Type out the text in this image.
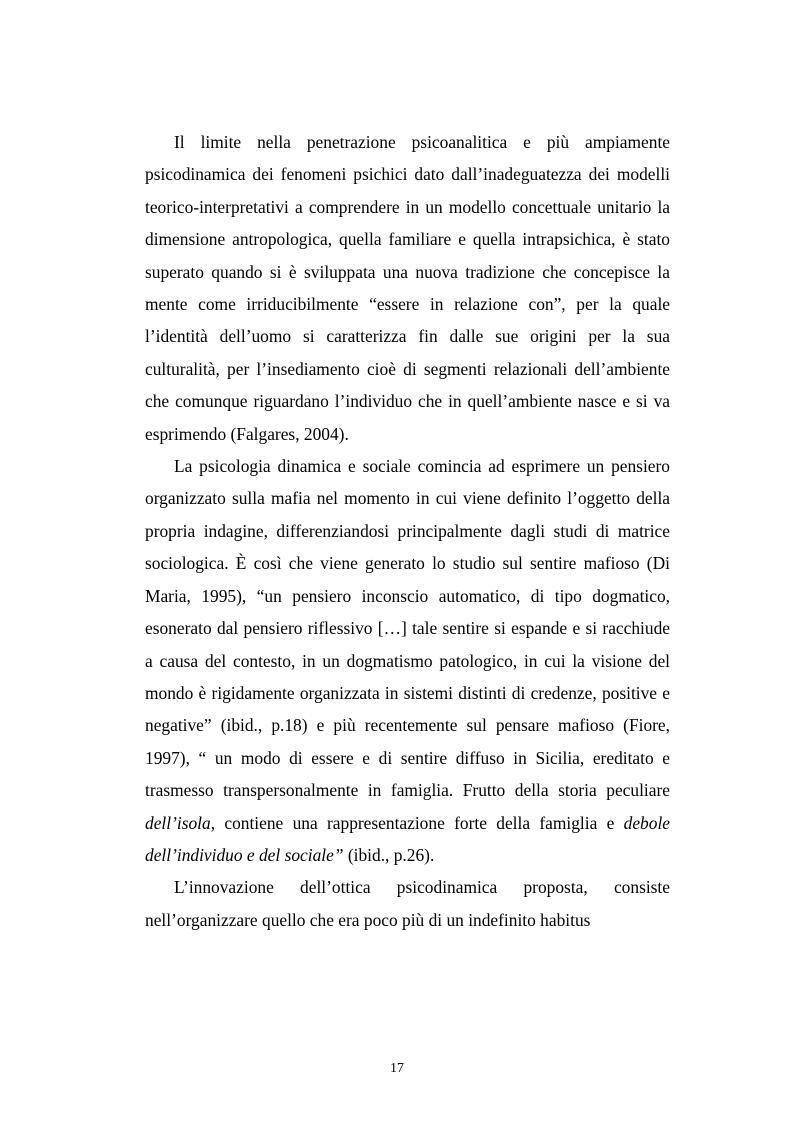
Il limite nella penetrazione psicoanalitica e più ampiamente psicodinamica dei fenomeni psichici dato dall’inadeguatezza dei modelli teorico-interpretativi a comprendere in un modello concettuale unitario la dimensione antropologica, quella familiare e quella intrapsichica, è stato superato quando si è sviluppata una nuova tradizione che concepisce la mente come irriducibilmente “essere in relazione con”, per la quale l’identità dell’uomo si caratterizza fin dalle sue origini per la sua culturalità, per l’insediamento cioè di segmenti relazionali dell’ambiente che comunque riguardano l’individuo che in quell’ambiente nasce e si va esprimendo (Falgares, 2004).

La psicologia dinamica e sociale comincia ad esprimere un pensiero organizzato sulla mafia nel momento in cui viene definito l’oggetto della propria indagine, differenziandosi principalmente dagli studi di matrice sociologica. È così che viene generato lo studio sul sentire mafioso (Di Maria, 1995), “un pensiero inconscio automatico, di tipo dogmatico, esonerato dal pensiero riflessivo […] tale sentire si espande e si racchiude a causa del contesto, in un dogmatismo patologico, in cui la visione del mondo è rigidamente organizzata in sistemi distinti di credenze, positive e negative” (ibid., p.18) e più recentemente sul pensare mafioso (Fiore, 1997), “ un modo di essere e di sentire diffuso in Sicilia, ereditato e trasmesso transpersonalmente in famiglia. Frutto della storia peculiare dell’isola, contiene una rappresentazione forte della famiglia e debole dell’individuo e del sociale” (ibid., p.26).

L’innovazione dell’ottica psicodinamica proposta, consiste nell’organizzare quello che era poco più di un indefinito habitus

17
